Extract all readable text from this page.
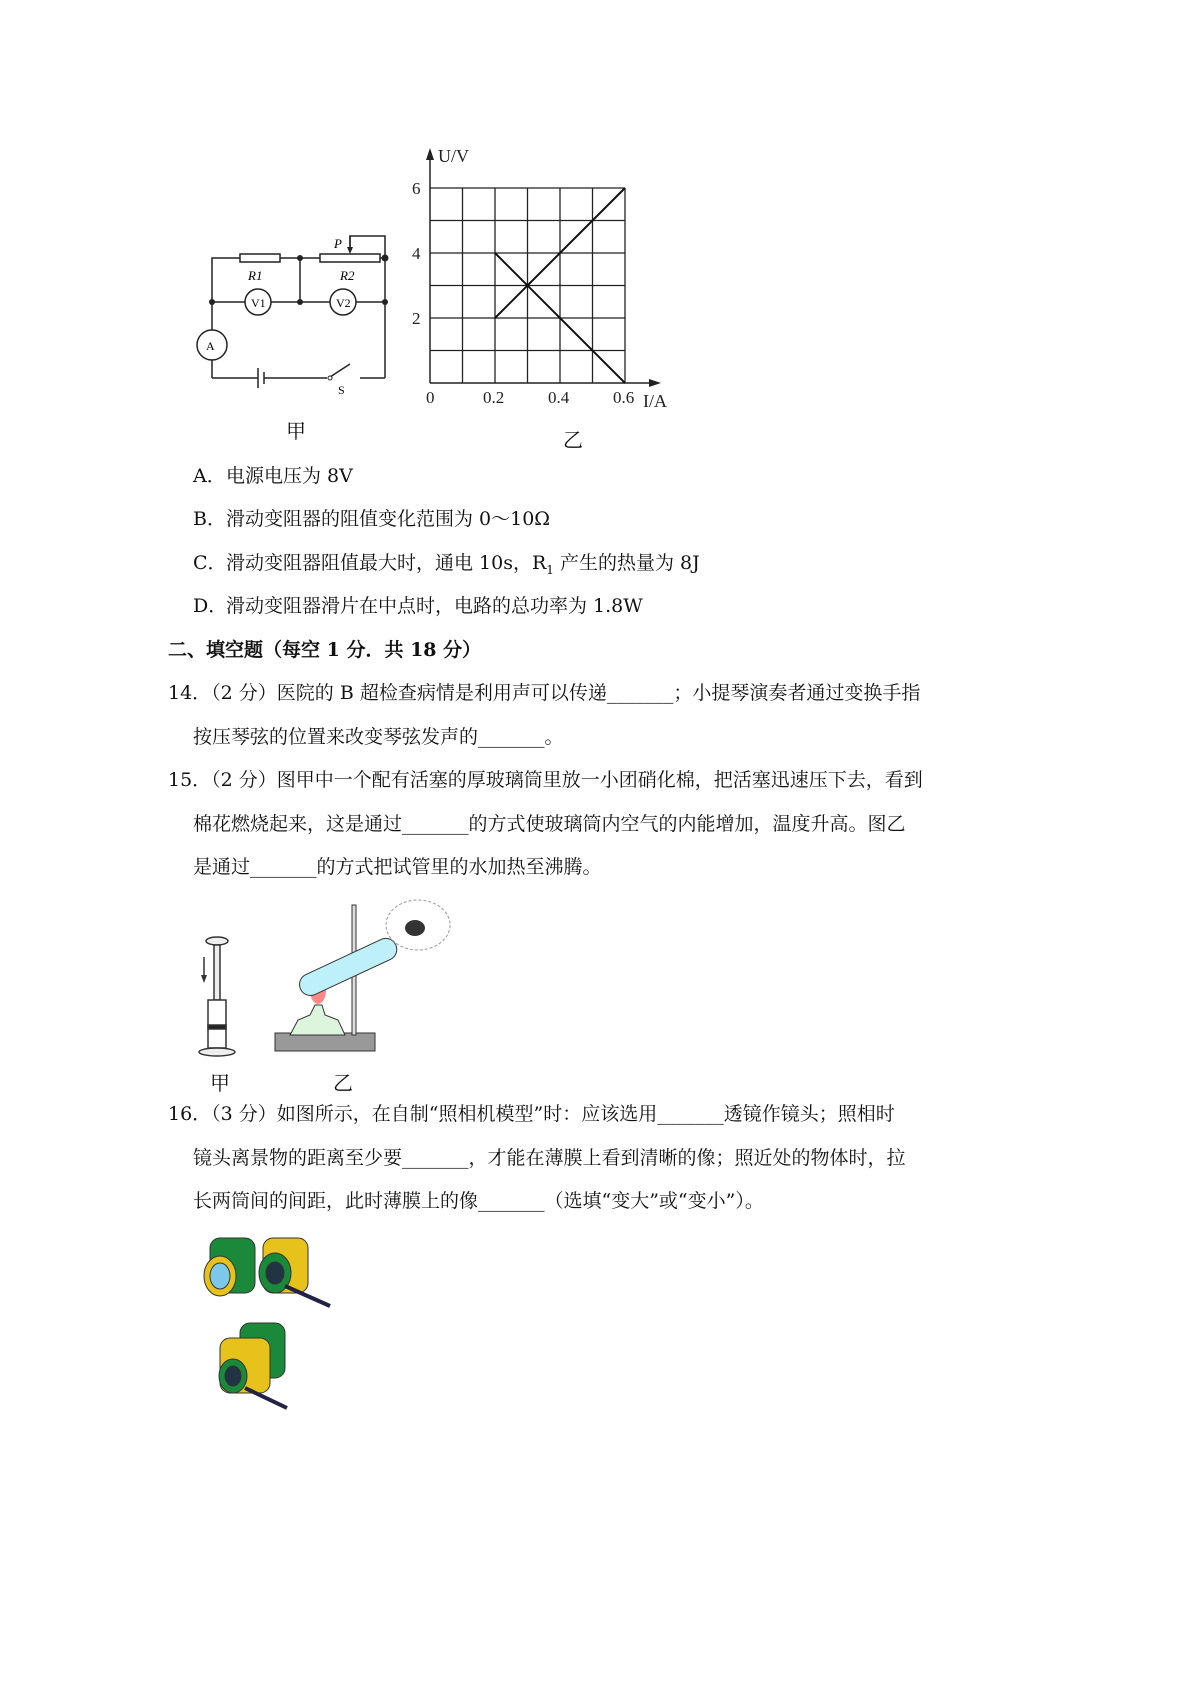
R1	R2
P
V1	V2
A
S
甲
0	0.2	0.4	0.6
2
4
6
U/V
I/A
乙
A． 电源电压为 8V
B． 滑动变阻器的阻值变化范围为 0～10Ω
C． 滑动变阻器阻值最大时，通电 10s，$R_1$ 产生的热量为 8J
D．
滑动变阻器滑片在中点时，电路的总功率为 1.8W
二、填空题（每空 1 分．共 18 分）
14．（2 分）医院的 B 超检查病情是利用声可以传递_______；小提琴演奏者通过变换手指
按压琴弦的位置来改变琴弦发声的_______。
15．（2 分）图甲中一个配有活塞的厚玻璃筒里放一小团硝化棉，把活塞迅速压下去，看到
棉花燃烧起来，这是通过_______的方式使玻璃筒内空气的内能增加，温度升高。图乙
是通过_______的方式把试管里的水加热至沸腾。
甲	乙
16．（3 分）如图所示，在自制“照相机模型”时：应该选用_______透镜作镜头；照相时
镜头离景物的距离至少要_______，才能在薄膜上看到清晰的像；照近处的物体时，拉
长两筒间的间距，此时薄膜上的像_______（选填“变大”或“变小”）。
